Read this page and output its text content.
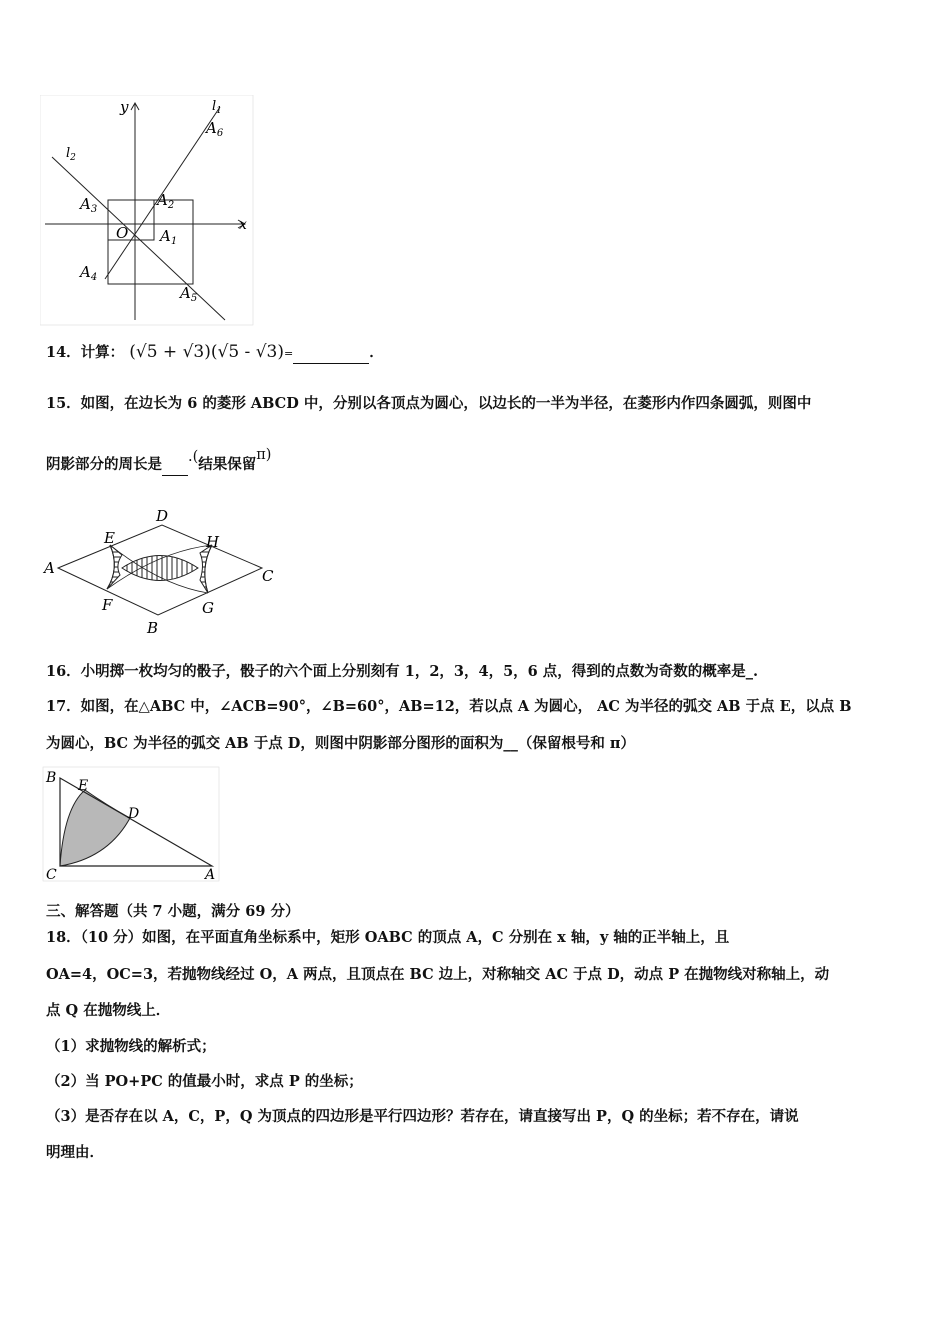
y
x
O
$l_1$
$l_2$
$A_1$
$A_2$
$A_3$
$A_4$
$A_5$
$A_6$
14．计算： (√5 + √3)(√5 - √3)=	．
15．如图，在边长为 6 的菱形 ABCD 中，分别以各顶点为圆心，以边长的一半为半径，在菱形内作四条圆弧，则图中
阴影部分的周长是 .(结果保留π)
A
D
C
B
E	H
F	G
16．小明掷一枚均匀的骰子，骰子的六个面上分别刻有 1，2，3，4，5，6 点，得到的点数为奇数的概率是_.
17．如图，在△ABC 中，∠ACB=90°，∠B=60°，AB=12，若以点 A 为圆心， AC 为半径的弧交 AB 于点 E，以点 B
为圆心，BC 为半径的弧交 AB 于点 D，则图中阴影部分图形的面积为__（保留根号和 π）
B E
D
C	A
三、解答题（共 7 小题，满分 69 分）
18．（10 分）如图，在平面直角坐标系中，矩形 OABC 的顶点 A，C 分别在 x 轴，y 轴的正半轴上，且
OA=4，OC=3，若抛物线经过 O，A 两点，且顶点在 BC 边上，对称轴交 AC 于点 D，动点 P 在抛物线对称轴上，动
点 Q 在抛物线上．
（1）求抛物线的解析式；
（2）当 PO+PC 的值最小时，求点 P 的坐标；
（3）是否存在以 A，C，P，Q 为顶点的四边形是平行四边形？若存在，请直接写出 P，Q 的坐标；若不存在，请说
明理由．
